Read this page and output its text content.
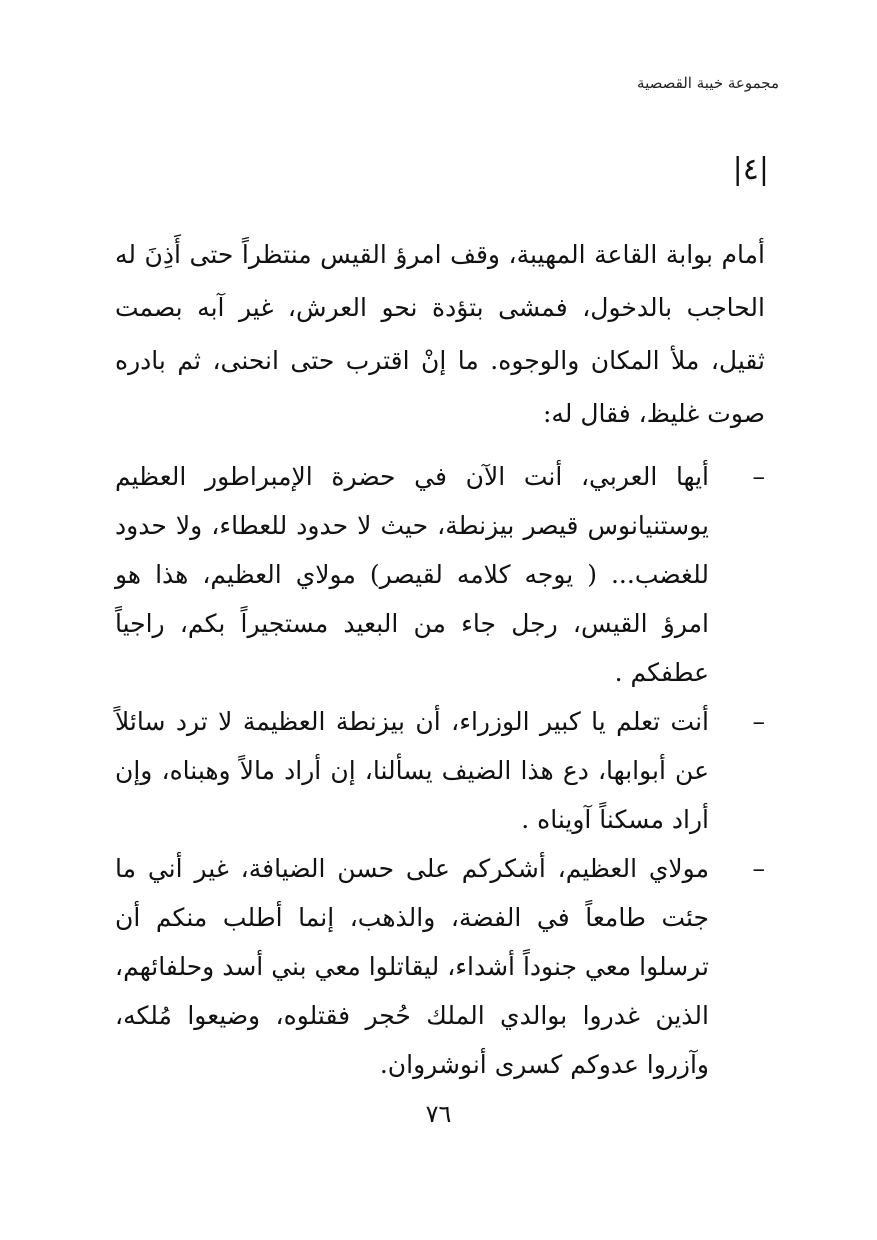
مجموعة خيبة القصصية
|٤|

أمام بوابة القاعة المهيبة، وقف امرؤ القيس منتظراً حتى أَذِنَ له الحاجب بالدخول، فمشى بتؤدة نحو العرش، غير آبه بصمت ثقيل، ملأ المكان والوجوه. ما إنْ اقترب حتى انحنى، ثم بادره صوت غليظ، فقال له:

–
أيها العربي، أنت الآن في حضرة الإمبراطور العظيم يوستنيانوس قيصر بيزنطة، حيث لا حدود للعطاء، ولا حدود للغضب... ( يوجه كلامه لقيصر) مولاي العظيم، هذا هو امرؤ القيس، رجل جاء من البعيد مستجيراً بكم، راجياً عطفكم .
–
أنت تعلم يا كبير الوزراء، أن بيزنطة العظيمة لا ترد سائلاً عن أبوابها، دع هذا الضيف يسألنا، إن أراد مالاً وهبناه، وإن أراد مسكناً آويناه .
–
مولاي العظيم، أشكركم على حسن الضيافة، غير أني ما جئت طامعاً في الفضة، والذهب، إنما أطلب منكم أن ترسلوا معي جنوداً أشداء، ليقاتلوا معي بني أسد وحلفائهم، الذين غدروا بوالدي الملك حُجر فقتلوه، وضيعوا مُلكه، وآزروا عدوكم كسرى أنوشروان.
٧٦
